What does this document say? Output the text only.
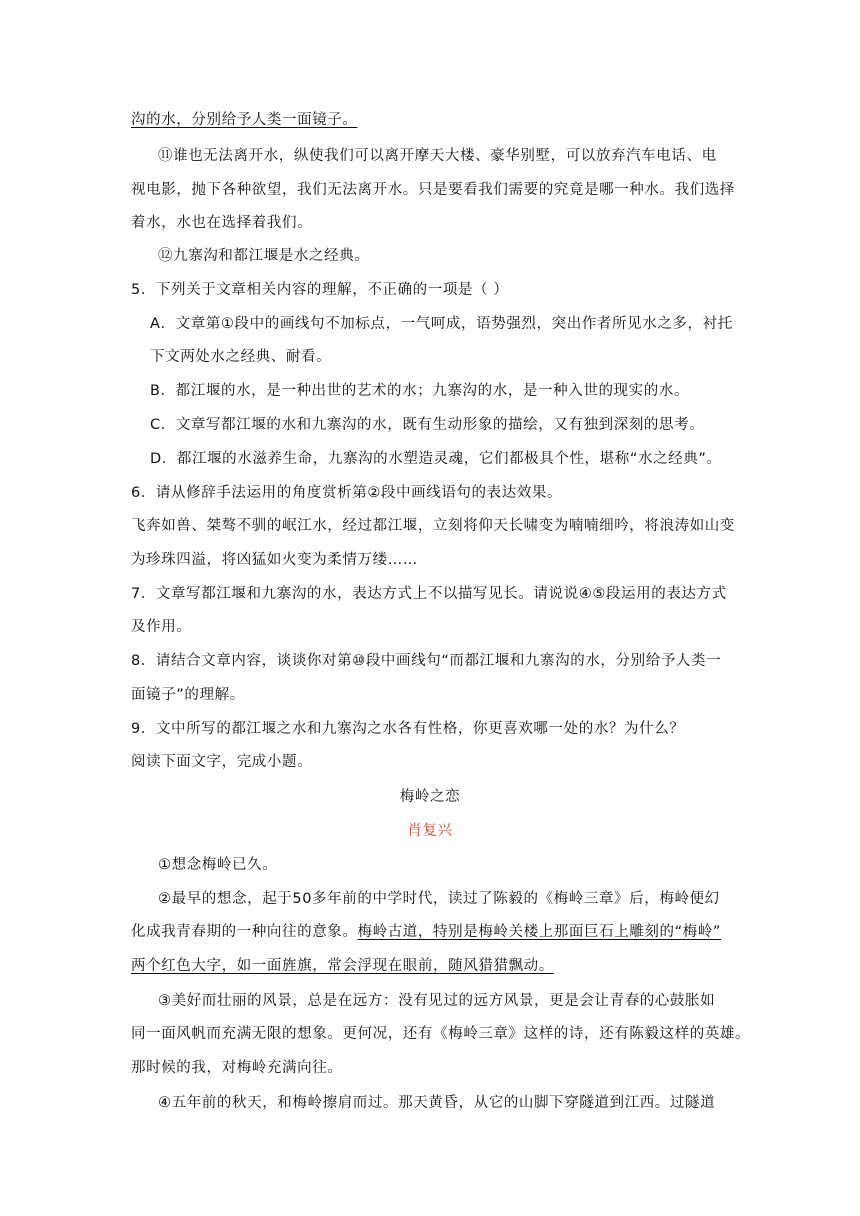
沟的水，分别给予人类一面镜子。
⑪谁也无法离开水，纵使我们可以离开摩天大楼、豪华别墅，可以放弃汽车电话、电
视电影，抛下各种欲望，我们无法离开水。只是要看我们需要的究竟是哪一种水。我们选择
着水，水也在选择着我们。
⑫九寨沟和都江堰是水之经典。
5．下列关于文章相关内容的理解，不正确的一项是（ ）
A．文章第①段中的画线句不加标点，一气呵成，语势强烈，突出作者所见水之多，衬托
下文两处水之经典、耐看。
B．都江堰的水，是一种出世的艺术的水；九寨沟的水，是一种入世的现实的水。
C．文章写都江堰的水和九寨沟的水，既有生动形象的描绘，又有独到深刻的思考。
D．都江堰的水滋养生命，九寨沟的水塑造灵魂，它们都极具个性，堪称“水之经典”。
6．请从修辞手法运用的角度赏析第②段中画线语句的表达效果。
飞奔如兽、桀骜不驯的岷江水，经过都江堰，立刻将仰天长啸变为喃喃细吟，将浪涛如山变
为珍珠四溢，将凶猛如火变为柔情万缕……
7．文章写都江堰和九寨沟的水，表达方式上不以描写见长。请说说④⑤段运用的表达方式
及作用。
8．请结合文章内容，谈谈你对第⑩段中画线句“而都江堰和九寨沟的水，分别给予人类一
面镜子”的理解。
9．文中所写的都江堰之水和九寨沟之水各有性格，你更喜欢哪一处的水？为什么？
阅读下面文字，完成小题。
梅岭之恋
肖复兴
①想念梅岭已久。
②最早的想念，起于50多年前的中学时代，读过了陈毅的《梅岭三章》后，梅岭便幻
化成我青春期的一种向往的意象。梅岭古道，特别是梅岭关楼上那面巨石上雕刻的“梅岭”
两个红色大字，如一面旌旗，常会浮现在眼前，随风猎猎飘动。
③美好而壮丽的风景，总是在远方：没有见过的远方风景，更是会让青春的心鼓胀如
同一面风帆而充满无限的想象。更何况，还有《梅岭三章》这样的诗，还有陈毅这样的英雄。
那时候的我，对梅岭充满向往。
④五年前的秋天，和梅岭擦肩而过。那天黄昏，从它的山脚下穿隧道到江西。过隧道
